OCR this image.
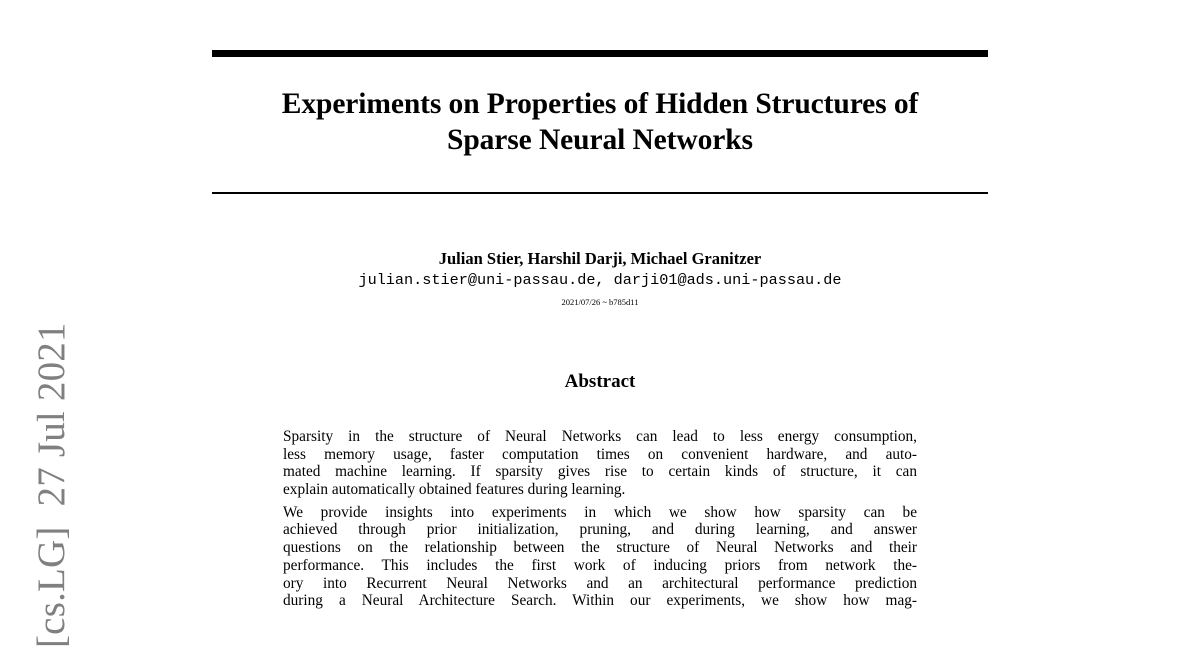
[cs.LG]  27 Jul 2021
Experiments on Properties of Hidden Structures of
Sparse Neural Networks
Julian Stier, Harshil Darji, Michael Granitzer
julian.stier@uni-passau.de, darji01@ads.uni-passau.de
2021/07/26 ~ b785d11
Abstract

Sparsity in the structure of Neural Networks can lead to less energy consumption,
less memory usage, faster computation times on convenient hardware, and auto-
mated machine learning. If sparsity gives rise to certain kinds of structure, it can
explain automatically obtained features during learning.

We provide insights into experiments in which we show how sparsity can be
achieved through prior initialization, pruning, and during learning, and answer
questions on the relationship between the structure of Neural Networks and their
performance. This includes the first work of inducing priors from network the-
ory into Recurrent Neural Networks and an architectural performance prediction
during a Neural Architecture Search. Within our experiments, we show how mag-
